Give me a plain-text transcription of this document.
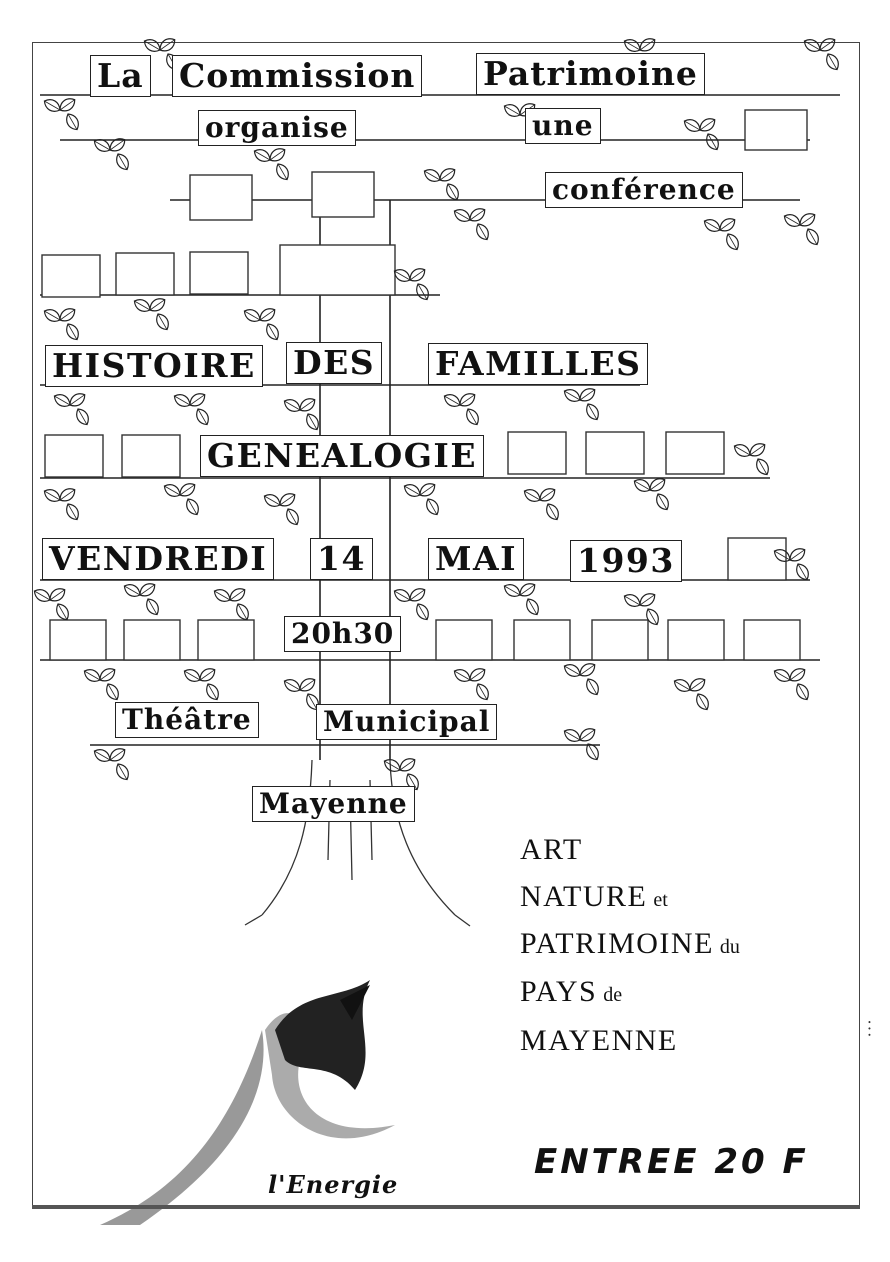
La Commission Patrimoine
organise	une
conférence
HISTOIRE DES FAMILLES
GENEALOGIE
VENDREDI 14 MAI 1993
20h30
Théâtre	Municipal
Mayenne
ART
NATURE et
PATRIMOINE du
PAYS de
MAYENNE
l'Energie
ENTREE 20 F
• • •
